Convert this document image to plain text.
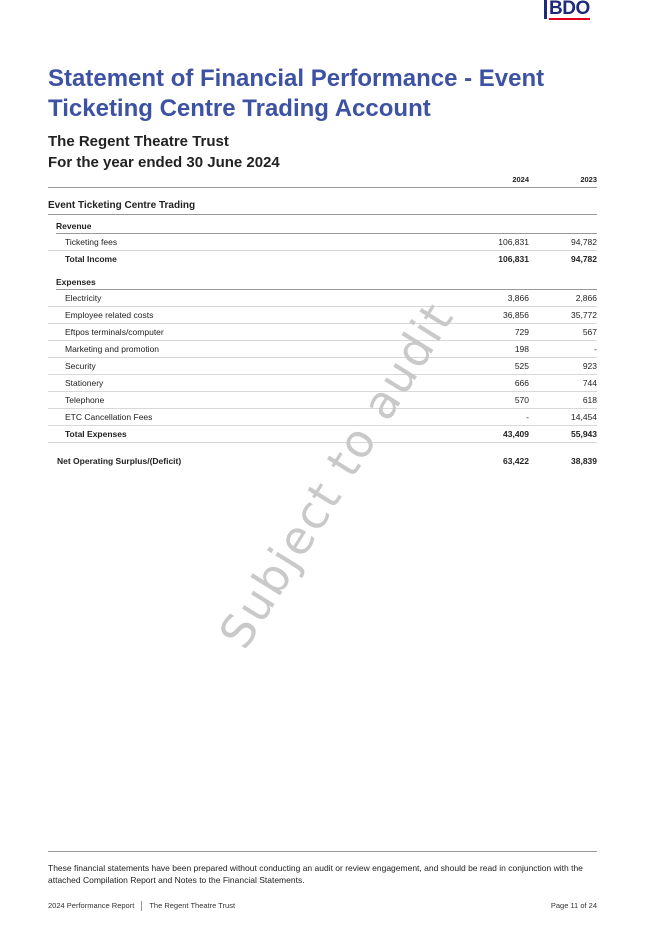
BDO
Statement of Financial Performance - Event Ticketing Centre Trading Account
The Regent Theatre Trust
For the year ended 30 June 2024
2024	2023
Event Ticketing Centre Trading
Revenue
Ticketing fees	106,831	94,782
Total Income	106,831	94,782
Expenses
Electricity	3,866	2,866
Employee related costs	36,856	35,772
Eftpos terminals/computer	729	567
Marketing and promotion	198	-
Security	525	923
Stationery	666	744
Telephone	570	618
ETC Cancellation Fees	-	14,454
Total Expenses	43,409	55,943
Net Operating Surplus/(Deficit)	63,422	38,839
Subject to audit

These financial statements have been prepared without conducting an audit or review engagement, and should be read in conjunction with the attached Compilation Report and Notes to the Financial Statements.

2024 Performance Report The Regent Theatre Trust	Page 11 of 24
